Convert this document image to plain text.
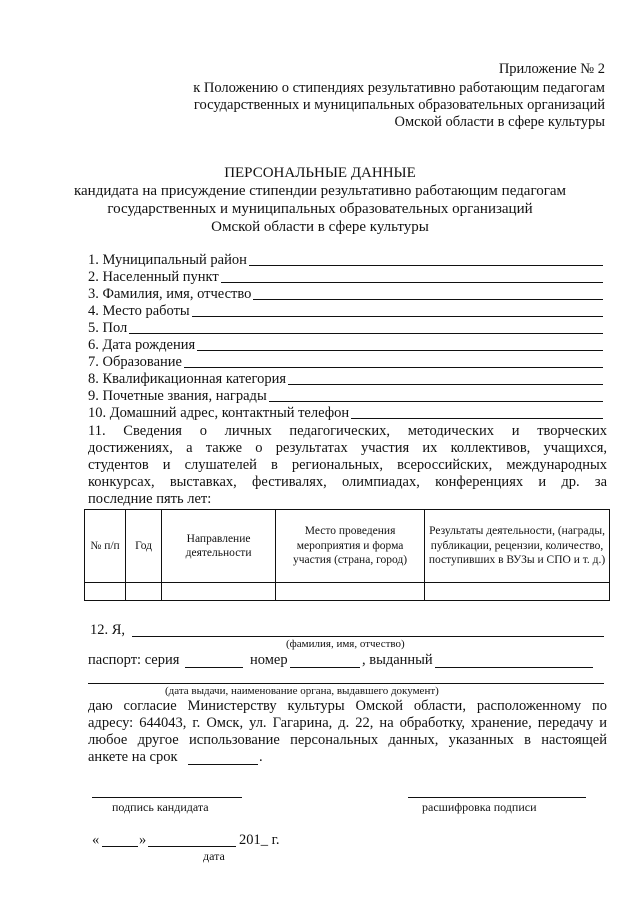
Приложение № 2
к Положению о стипендиях результативно работающим педагогам
государственных и муниципальных образовательных организаций
Омской области в сфере культуры
ПЕРСОНАЛЬНЫЕ ДАННЫЕ
кандидата на присуждение стипендии результативно работающим педагогам
государственных и муниципальных образовательных организаций
Омской области в сфере культуры
1. Муниципальный район
2. Населенный пункт
3. Фамилия, имя, отчество
4. Место работы
5. Пол
6. Дата рождения
7. Образование
8. Квалификационная категория
9. Почетные звания, награды
10. Домашний адрес, контактный телефон
11. Сведения о личных педагогических, методических и творческих
достижениях, а также о результатах участия их коллективов, учащихся,
студентов и слушателей в региональных, всероссийских, международных
конкурсах, выставках, фестивалях, олимпиадах, конференциях и др. за
последние пять лет:
№ п/п	Год	Направление деятельности	Место проведения мероприятия и форма участия (страна, город)	Результаты деятельности, (награды, публикации, рецензии, количество, поступивших в ВУЗы и СПО и т. д.)

12. Я,
(фамилия, имя, отчество)
паспорт: серия	номер	, выданный
(дата выдачи, наименование органа, выдавшего документ)
даю согласие Министерству культуры Омской области, расположенному по
адресу: 644043, г. Омск, ул. Гагарина, д. 22, на обработку, хранение, передачу и
любое другое использование персональных данных, указанных в настоящей
анкете на срок	.
подпись кандидата	расшифровка подписи
«	»	201_ г.
дата
